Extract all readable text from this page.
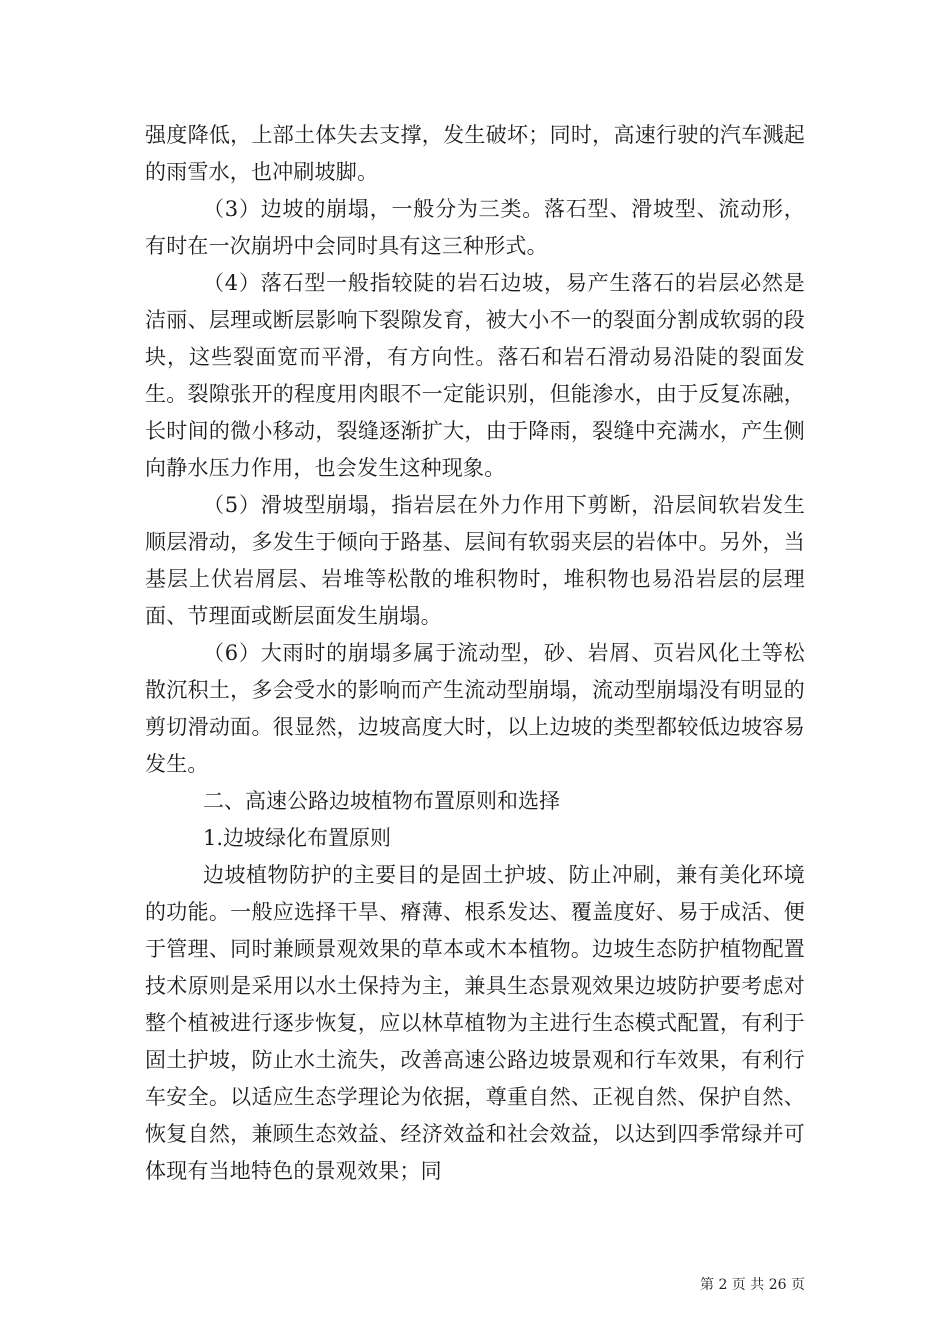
强度降低，上部土体失去支撑，发生破坏；同时，高速行驶的汽车溅起的雨雪水，也冲刷坡脚。

（3）边坡的崩塌，一般分为三类。落石型、滑坡型、流动形，有时在一次崩坍中会同时具有这三种形式。

（4）落石型一般指较陡的岩石边坡，易产生落石的岩层必然是洁丽、层理或断层影响下裂隙发育，被大小不一的裂面分割成软弱的段块，这些裂面宽而平滑，有方向性。落石和岩石滑动易沿陡的裂面发生。裂隙张开的程度用肉眼不一定能识别，但能渗水，由于反复冻融，长时间的微小移动，裂缝逐渐扩大，由于降雨，裂缝中充满水，产生侧向静水压力作用，也会发生这种现象。

（5）滑坡型崩塌，指岩层在外力作用下剪断，沿层间软岩发生顺层滑动，多发生于倾向于路基、层间有软弱夹层的岩体中。另外，当基层上伏岩屑层、岩堆等松散的堆积物时，堆积物也易沿岩层的层理面、节理面或断层面发生崩塌。

（6）大雨时的崩塌多属于流动型，砂、岩屑、页岩风化土等松散沉积土，多会受水的影响而产生流动型崩塌，流动型崩塌没有明显的剪切滑动面。很显然，边坡高度大时，以上边坡的类型都较低边坡容易发生。

二、高速公路边坡植物布置原则和选择

1.边坡绿化布置原则

边坡植物防护的主要目的是固土护坡、防止冲刷，兼有美化环境的功能。一般应选择干旱、瘠薄、根系发达、覆盖度好、易于成活、便于管理、同时兼顾景观效果的草本或木本植物。边坡生态防护植物配置技术原则是采用以水土保持为主，兼具生态景观效果边坡防护要考虑对整个植被进行逐步恢复，应以林草植物为主进行生态模式配置，有利于固土护坡，防止水土流失，改善高速公路边坡景观和行车效果，有利行车安全。以适应生态学理论为依据，尊重自然、正视自然、保护自然、恢复自然，兼顾生态效益、经济效益和社会效益，以达到四季常绿并可体现有当地特色的景观效果；同

第 2 页 共 26 页
